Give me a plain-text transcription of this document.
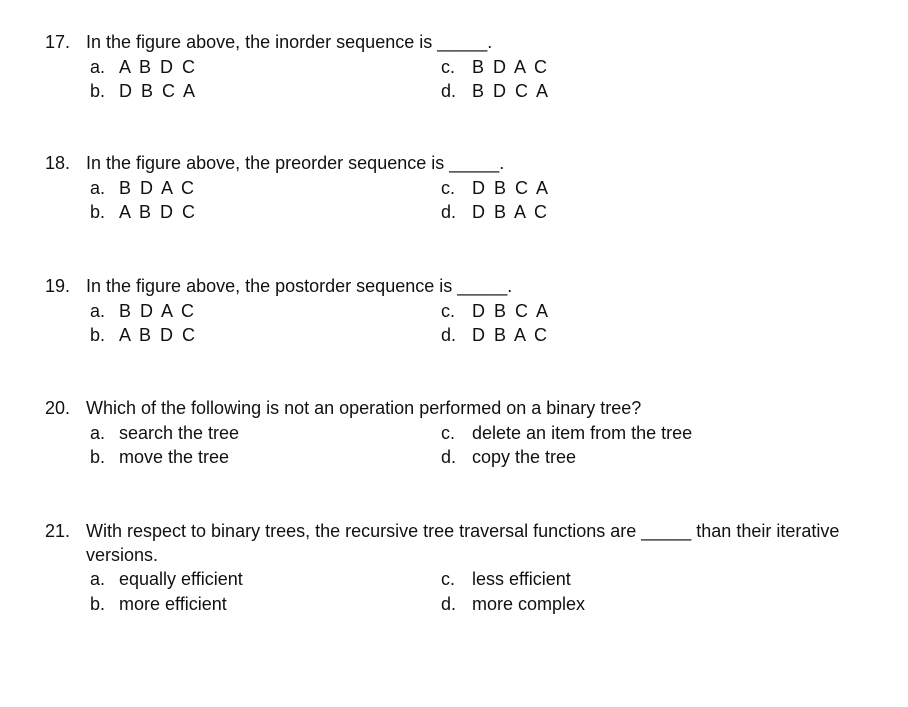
17. In the figure above, the inorder sequence is _____.
a. A B D C
b. D B C A
c. B D A C
d. B D C A
18. In the figure above, the preorder sequence is _____.
a. B D A C
b. A B D C
c. D B C A
d. D B A C
19. In the figure above, the postorder sequence is _____.
a. B D A C
b. A B D C
c. D B C A
d. D B A C
20. Which of the following is not an operation performed on a binary tree?
a. search the tree
b. move the tree
c. delete an item from the tree
d. copy the tree
21. With respect to binary trees, the recursive tree traversal functions are _____ than their iterative
versions.
a. equally efficient
b. more efficient
c. less efficient
d. more complex
